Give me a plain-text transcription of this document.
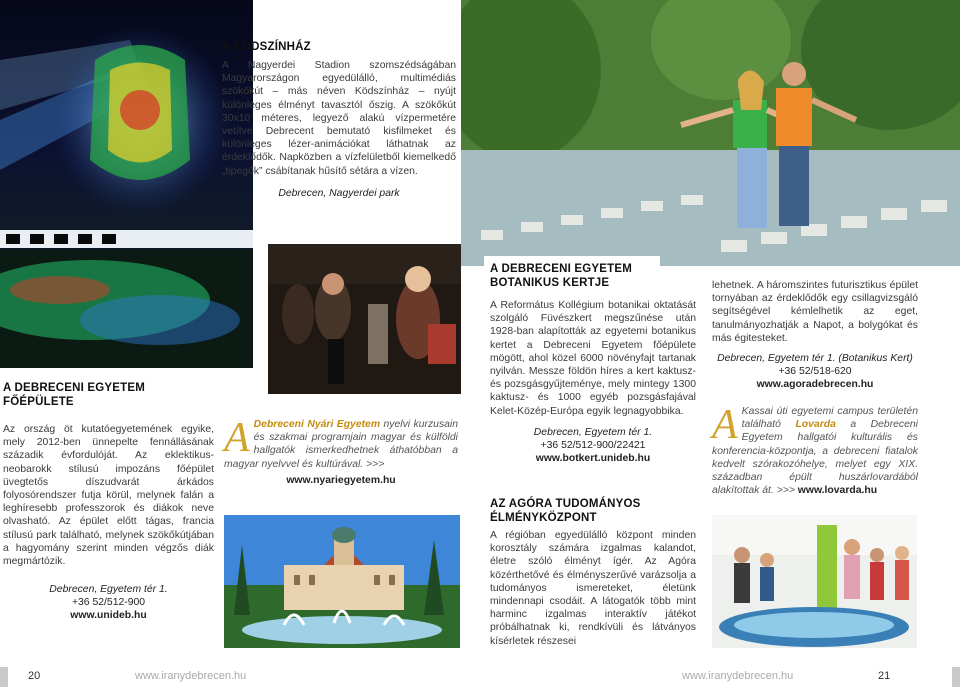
A KÖDSZÍNHÁZ
A Nagyerdei Stadion szomszédságában Magyarországon egyedülálló, multimédiás szökőkút – más néven Ködszínház – nyújt különleges élményt tavasztól őszig. A szökőkút 30x10 méteres, legyező alakú vízpermetére vetítve Debrecent bemutató kisfilmeket és különleges lézer-animációkat láthatnak az érdeklődők. Napközben a vízfelületből kiemelkedő „tipegők” csábítanak hűsítő sétára a vízen.
Debrecen, Nagyerdei park
A DEBRECENI EGYETEM
FŐÉPÜLETE
Az ország öt kutatóegyetemének egyike, mely 2012-ben ünnepelte fennállásának századik évfordulóját. Az eklektikus-neobarokk stílusú impozáns főépület üvegtetős díszudvarát árkádos folyosórendszer futja körül, melynek falán a leghíresebb professzorok és diákok neve olvasható. Az épület előtt tágas, francia stílusú park található, melynek szökőkútjában a hagyomány szerint minden végzős diák megmártózik.
Debrecen, Egyetem tér 1.
+36 52/512-900
www.unideb.hu
A Debreceni Nyári Egyetem nyelvi kurzusain és szakmai programjain magyar és külföldi hallgatók ismerkedhetnek áthatóbban a magyar nyelvvel és kultúrával. >>>
www.nyariegyetem.hu
A DEBRECENI EGYETEM
BOTANIKUS KERTJE
A Református Kollégium botanikai oktatását szolgáló Füvészkert megszűnése után 1928-ban alapították az egyetemi botanikus kertet a Debreceni Egyetem főépülete mögött, ahol közel 6000 növényfajt tartanak nyilván. Messze földön híres a kert kaktusz- és pozsgásgyűjteménye, mely mintegy 1300 kaktusz- és 1000 egyéb pozsgásfajával Kelet-Közép-Európa egyik legnagyobbika.
Debrecen, Egyetem tér 1.
+36 52/512-900/22421
www.botkert.unideb.hu
AZ AGÓRA TUDOMÁNYOS
ÉLMÉNYKÖZPONT
A régióban egyedülálló központ minden korosztály számára izgalmas kalandot, életre szóló élményt ígér. Az Agóra közérthetővé és élményszerűvé varázsolja a tudományos ismereteket, életünk mindennapi csodáit. A látogatók több mint harminc izgalmas interaktív játékot próbálhatnak ki, rendkívüli és látványos kísérletek részesei
lehetnek. A háromszintes futurisztikus épület tornyában az érdeklődők egy csillagvizsgáló segítségével kémlelhetik az eget, tanulmányozhatják a Napot, a bolygókat és más égitesteket.
Debrecen, Egyetem tér 1. (Botanikus Kert)
+36 52/518-620
www.agoradebrecen.hu
A Kassai úti egyetemi campus területén található Lovarda a Debreceni Egyetem hallgatói kulturális és konferencia-központja, a debreceni fiatalok kedvelt szórakozóhelye, melyet egy XIX. században épült huszárlovardából alakítottak át. >>> www.lovarda.hu
20	www.iranydebrecen.hu	www.iranydebrecen.hu	21
